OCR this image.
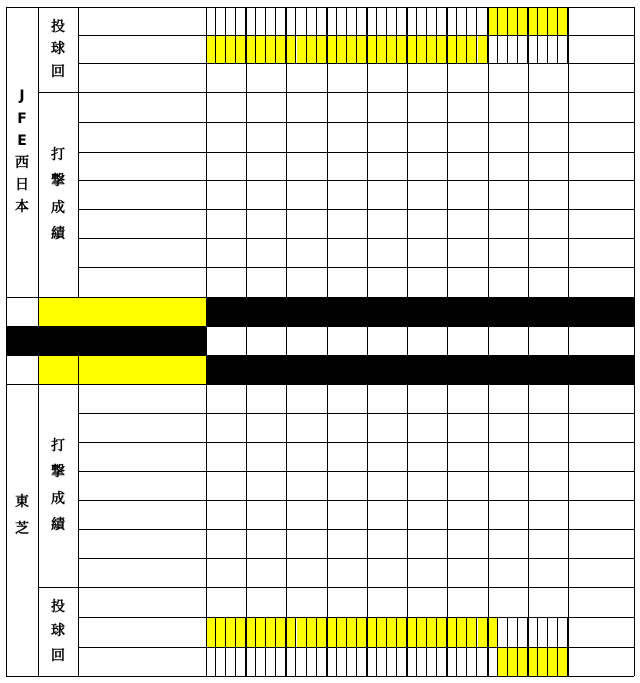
投
球
回
打
撃
成
績
J
F
E
西
日
本
打
撃
成
績
投
球
回
東
芝
